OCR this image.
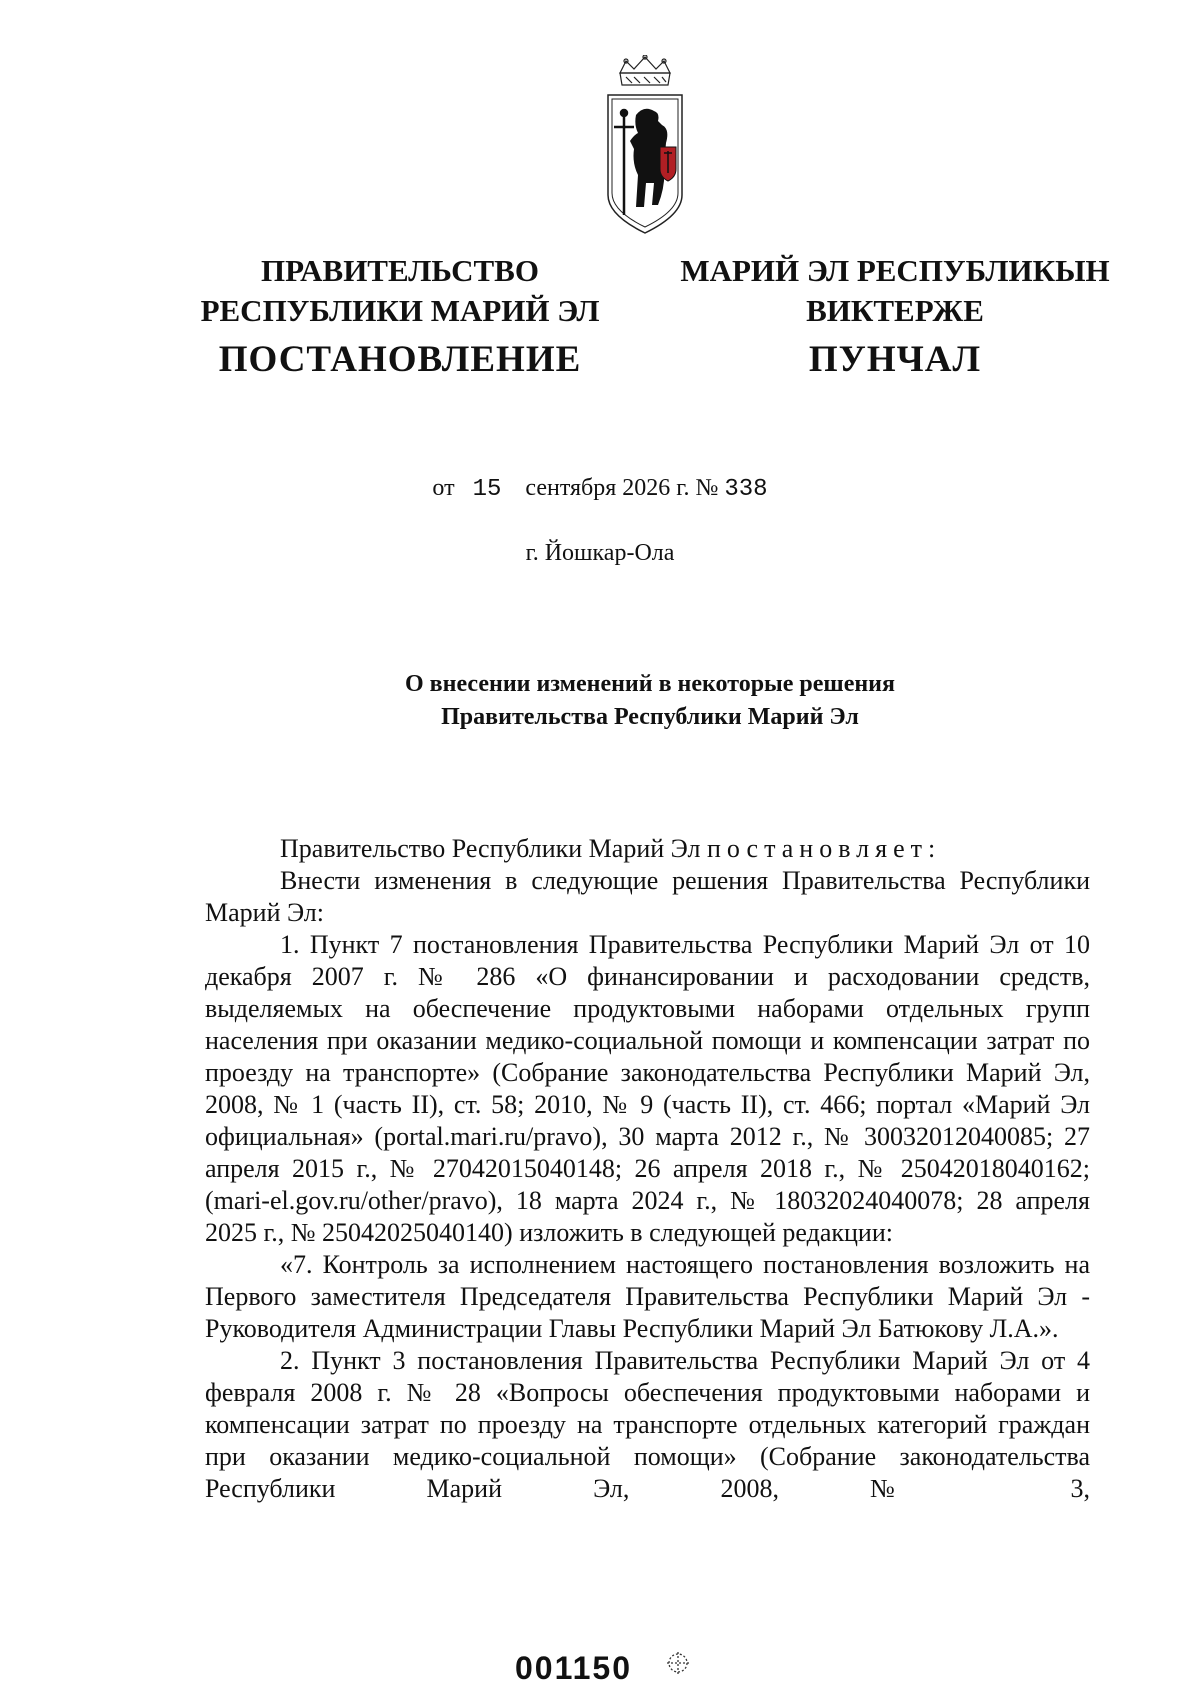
ПРАВИТЕЛЬСТВО
РЕСПУБЛИКИ МАРИЙ ЭЛ
ПОСТАНОВЛЕНИЕ
МАРИЙ ЭЛ РЕСПУБЛИКЫН
ВИКТЕРЖЕ
ПУНЧАЛ
от 15 сентября 2026 г. № 338
г. Йошкар-Ола
О внесении изменений в некоторые решения
Правительства Республики Марий Эл

Правительство Республики Марий Эл постановляет:

Внести изменения в следующие решения Правительства Республики Марий Эл:

1. Пункт 7 постановления Правительства Республики Марий Эл от 10 декабря 2007 г. № 286 «О финансировании и расходовании средств, выделяемых на обеспечение продуктовыми наборами отдельных групп населения при оказании медико-социальной помощи и компенсации затрат по проезду на транспорте» (Собрание законодательства Республики Марий Эл, 2008, № 1 (часть II), ст. 58; 2010, № 9 (часть II), ст. 466; портал «Марий Эл официальная» (portal.mari.ru/pravo), 30 марта 2012 г., № 30032012040085; 27 апреля 2015 г., № 27042015040148; 26 апреля 2018 г., № 25042018040162; (mari-el.gov.ru/other/pravo), 18 марта 2024 г., № 18032024040078; 28 апреля 2025 г., № 25042025040140) изложить в следующей редакции:

«7. Контроль за исполнением настоящего постановления возложить на Первого заместителя Председателя Правительства Республики Марий Эл - Руководителя Администрации Главы Республики Марий Эл Батюкову Л.А.».

2. Пункт 3 постановления Правительства Республики Марий Эл от 4 февраля 2008 г. № 28 «Вопросы обеспечения продуктовыми наборами и компенсации затрат по проезду на транспорте отдельных категорий граждан при оказании медико-социальной помощи» (Собрание законодательства Республики Марий Эл, 2008, № 3,

001150
